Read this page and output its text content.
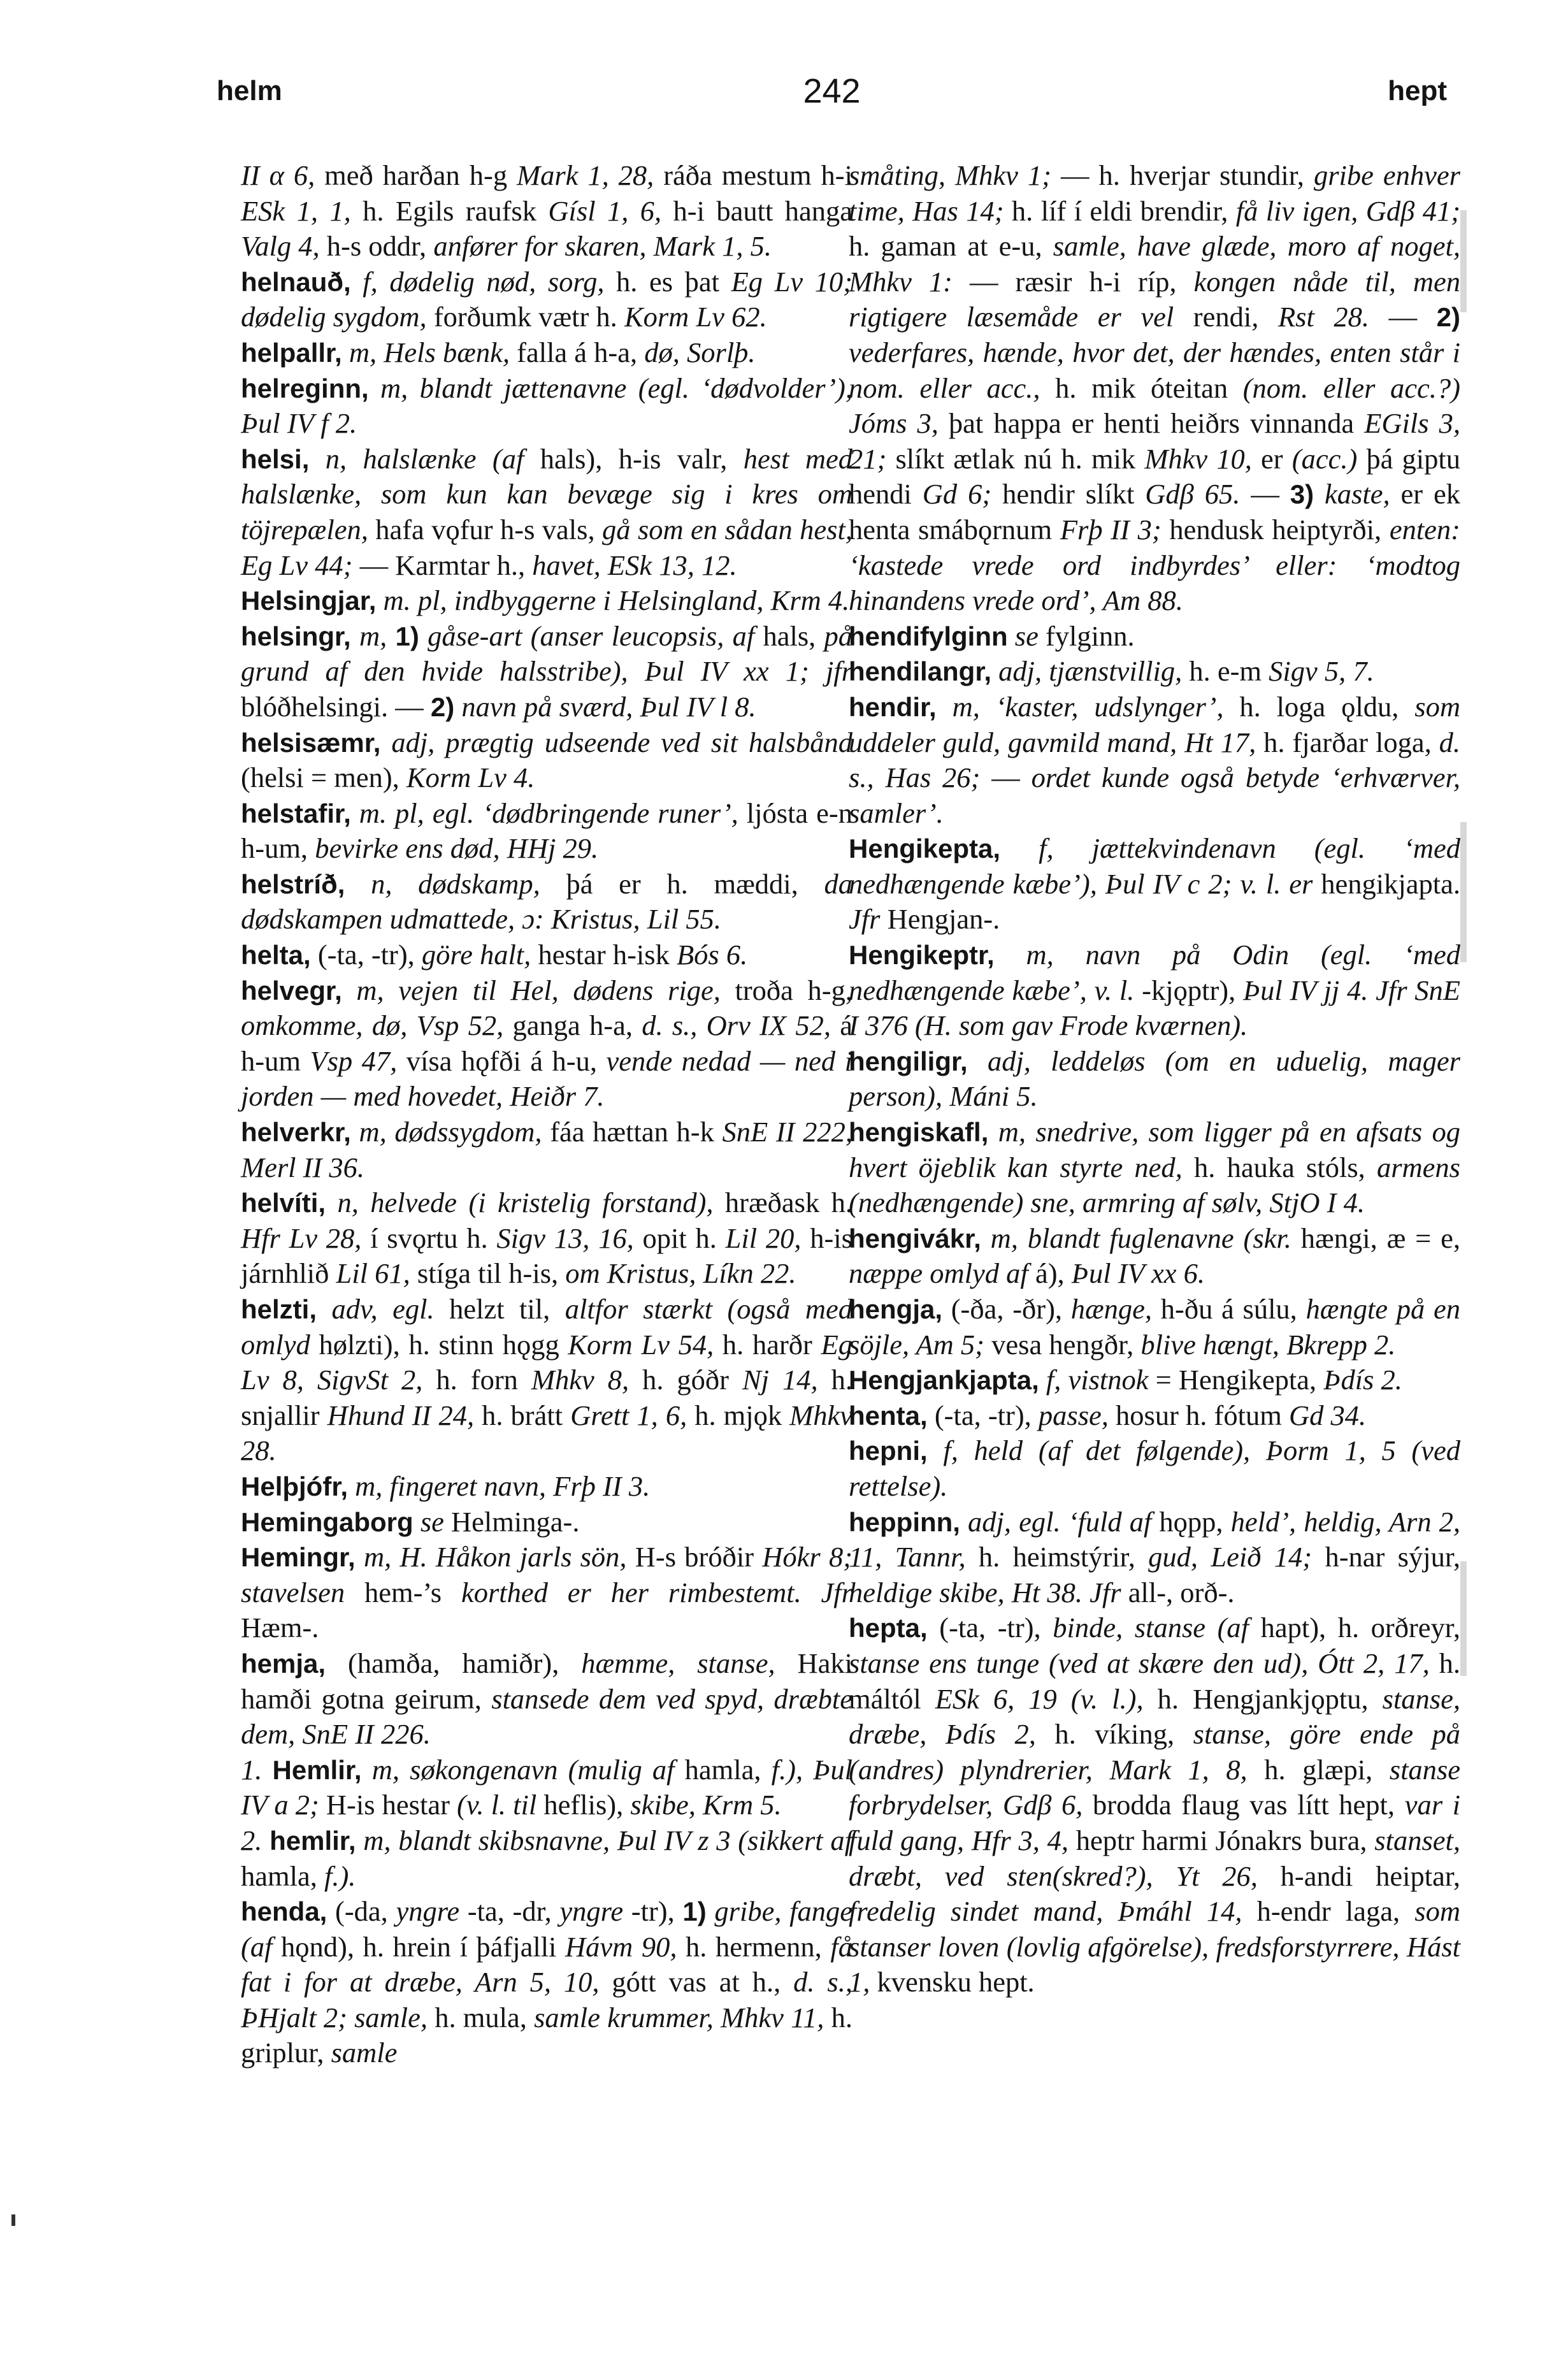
helm	242	hept

II α 6, með harðan h-g Mark 1, 28, ráða mestum h-i ESk 1, 1, h. Egils raufsk Gísl 1, 6, h-i bautt hanga Valg 4, h-s oddr, anfører for skaren, Mark 1, 5.

helnauð, f, dødelig nød, sorg, h. es þat Eg Lv 10; dødelig sygdom, forðumk vætr h. Korm Lv 62.

helpallr, m, Hels bænk, falla á h-a, dø, Sorlþ.

helreginn, m, blandt jættenavne (egl. ‘dødvolder’), Þul IV f 2.

helsi, n, halslænke (af hals), h-is valr, hest med halslænke, som kun kan bevæge sig i kres om töjrepælen, hafa vǫfur h-s vals, gå som en sådan hest, Eg Lv 44; — Karmtar h., havet, ESk 13, 12.

Helsingjar, m. pl, indbyggerne i Helsingland, Krm 4.

helsingr, m, 1) gåse-art (anser leucopsis, af hals, på grund af den hvide halsstribe), Þul IV xx 1; jfr blóðhelsingi. — 2) navn på sværd, Þul IV l 8.

helsisæmr, adj, prægtig udseende ved sit halsbånd (helsi = men), Korm Lv 4.

helstafir, m. pl, egl. ‘dødbringende runer’, ljósta e-n h-um, bevirke ens død, HHj 29.

helstríð, n, dødskamp, þá er h. mæddi, da dødskampen udmattede, ɔ: Kristus, Lil 55.

helta, (-ta, -tr), göre halt, hestar h-isk Bós 6.

helvegr, m, vejen til Hel, dødens rige, troða h-g, omkomme, dø, Vsp 52, ganga h-a, d. s., Orv IX 52, á h-um Vsp 47, vísa hǫfði á h-u, vende nedad — ned i jorden — med hovedet, Heiðr 7.

helverkr, m, dødssygdom, fáa hættan h-k SnE II 222, Merl II 36.

helvíti, n, helvede (i kristelig forstand), hræðask h. Hfr Lv 28, í svǫrtu h. Sigv 13, 16, opit h. Lil 20, h-is járnhlið Lil 61, stíga til h-is, om Kristus, Líkn 22.

helzti, adv, egl. helzt til, altfor stærkt (også med omlyd hølzti), h. stinn hǫgg Korm Lv 54, h. harðr Eg Lv 8, SigvSt 2, h. forn Mhkv 8, h. góðr Nj 14, h. snjallir Hhund II 24, h. brátt Grett 1, 6, h. mjǫk Mhkv 28.

Helþjófr, m, fingeret navn, Frþ II 3.

Hemingaborg se Helminga-.

Hemingr, m, H. Håkon jarls sön, H-s bróðir Hókr 8; stavelsen hem-’s korthed er her rimbestemt. Jfr Hæm-.

hemja, (hamða, hamiðr), hæmme, stanse, Haki hamði gotna geirum, stansede dem ved spyd, dræbte dem, SnE II 226.

1. Hemlir, m, søkongenavn (mulig af hamla, f.), Þul IV a 2; H-is hestar (v. l. til heflis), skibe, Krm 5.

2. hemlir, m, blandt skibsnavne, Þul IV z 3 (sikkert af hamla, f.).

henda, (-da, yngre -ta, -dr, yngre -tr), 1) gribe, fange (af hǫnd), h. hrein í þáfjalli Hávm 90, h. hermenn, få fat i for at dræbe, Arn 5, 10, gótt vas at h., d. s., ÞHjalt 2; samle, h. mula, samle krummer, Mhkv 11, h. griplur, samle

småting, Mhkv 1; — h. hverjar stundir, gribe enhver time, Has 14; h. líf í eldi brendir, få liv igen, Gdβ 41; h. gaman at e-u, samle, have glæde, moro af noget, Mhkv 1: — ræsir h-i ríp, kongen nåde til, men rigtigere læsemåde er vel rendi, Rst 28. — 2) vederfares, hænde, hvor det, der hændes, enten står i nom. eller acc., h. mik óteitan (nom. eller acc.?) Jóms 3, þat happa er henti heiðrs vinnanda EGils 3, 21; slíkt ætlak nú h. mik Mhkv 10, er (acc.) þá giptu hendi Gd 6; hendir slíkt Gdβ 65. — 3) kaste, er ek henta smábǫrnum Frþ II 3; hendusk heiptyrði, enten: ‘kastede vrede ord indbyrdes’ eller: ‘modtog hinandens vrede ord’, Am 88.

hendifylginn se fylginn.

hendilangr, adj, tjænstvillig, h. e-m Sigv 5, 7.

hendir, m, ‘kaster, udslynger’, h. loga ǫldu, som uddeler guld, gavmild mand, Ht 17, h. fjarðar loga, d. s., Has 26; — ordet kunde også betyde ‘erhværver, samler’.

Hengikepta, f, jættekvindenavn (egl. ‘med nedhængende kæbe’), Þul IV c 2; v. l. er hengikjapta. Jfr Hengjan-.

Hengikeptr, m, navn på Odin (egl. ‘med nedhængende kæbe’, v. l. -kjǫptr), Þul IV jj 4. Jfr SnE I 376 (H. som gav Frode kværnen).

hengiligr, adj, leddeløs (om en uduelig, mager person), Máni 5.

hengiskafl, m, snedrive, som ligger på en afsats og hvert öjeblik kan styrte ned, h. hauka stóls, armens (nedhængende) sne, armring af sølv, StjO I 4.

hengivákr, m, blandt fuglenavne (skr. hængi, æ = e, næppe omlyd af á), Þul IV xx 6.

hengja, (-ða, -ðr), hænge, h-ðu á súlu, hængte på en söjle, Am 5; vesa hengðr, blive hængt, Bkrepp 2.

Hengjankjapta, f, vistnok = Hengikepta, Þdís 2.

henta, (-ta, -tr), passe, hosur h. fótum Gd 34.

hepni, f, held (af det følgende), Þorm 1, 5 (ved rettelse).

heppinn, adj, egl. ‘fuld af hǫpp, held’, heldig, Arn 2, 11, Tannr, h. heimstýrir, gud, Leið 14; h-nar sýjur, heldige skibe, Ht 38. Jfr all-, orð-.

hepta, (-ta, -tr), binde, stanse (af hapt), h. orðreyr, stanse ens tunge (ved at skære den ud), Ótt 2, 17, h. máltól ESk 6, 19 (v. l.), h. Hengjankjǫptu, stanse, dræbe, Þdís 2, h. víking, stanse, göre ende på (andres) plyndrerier, Mark 1, 8, h. glæpi, stanse forbrydelser, Gdβ 6, brodda flaug vas lítt hept, var i fuld gang, Hfr 3, 4, heptr harmi Jónakrs bura, stanset, dræbt, ved sten(skred?), Yt 26, h-andi heiptar, fredelig sindet mand, Þmáhl 14, h-endr laga, som stanser loven (lovlig afgörelse), fredsforstyrrere, Hást 1, kvensku hept.
